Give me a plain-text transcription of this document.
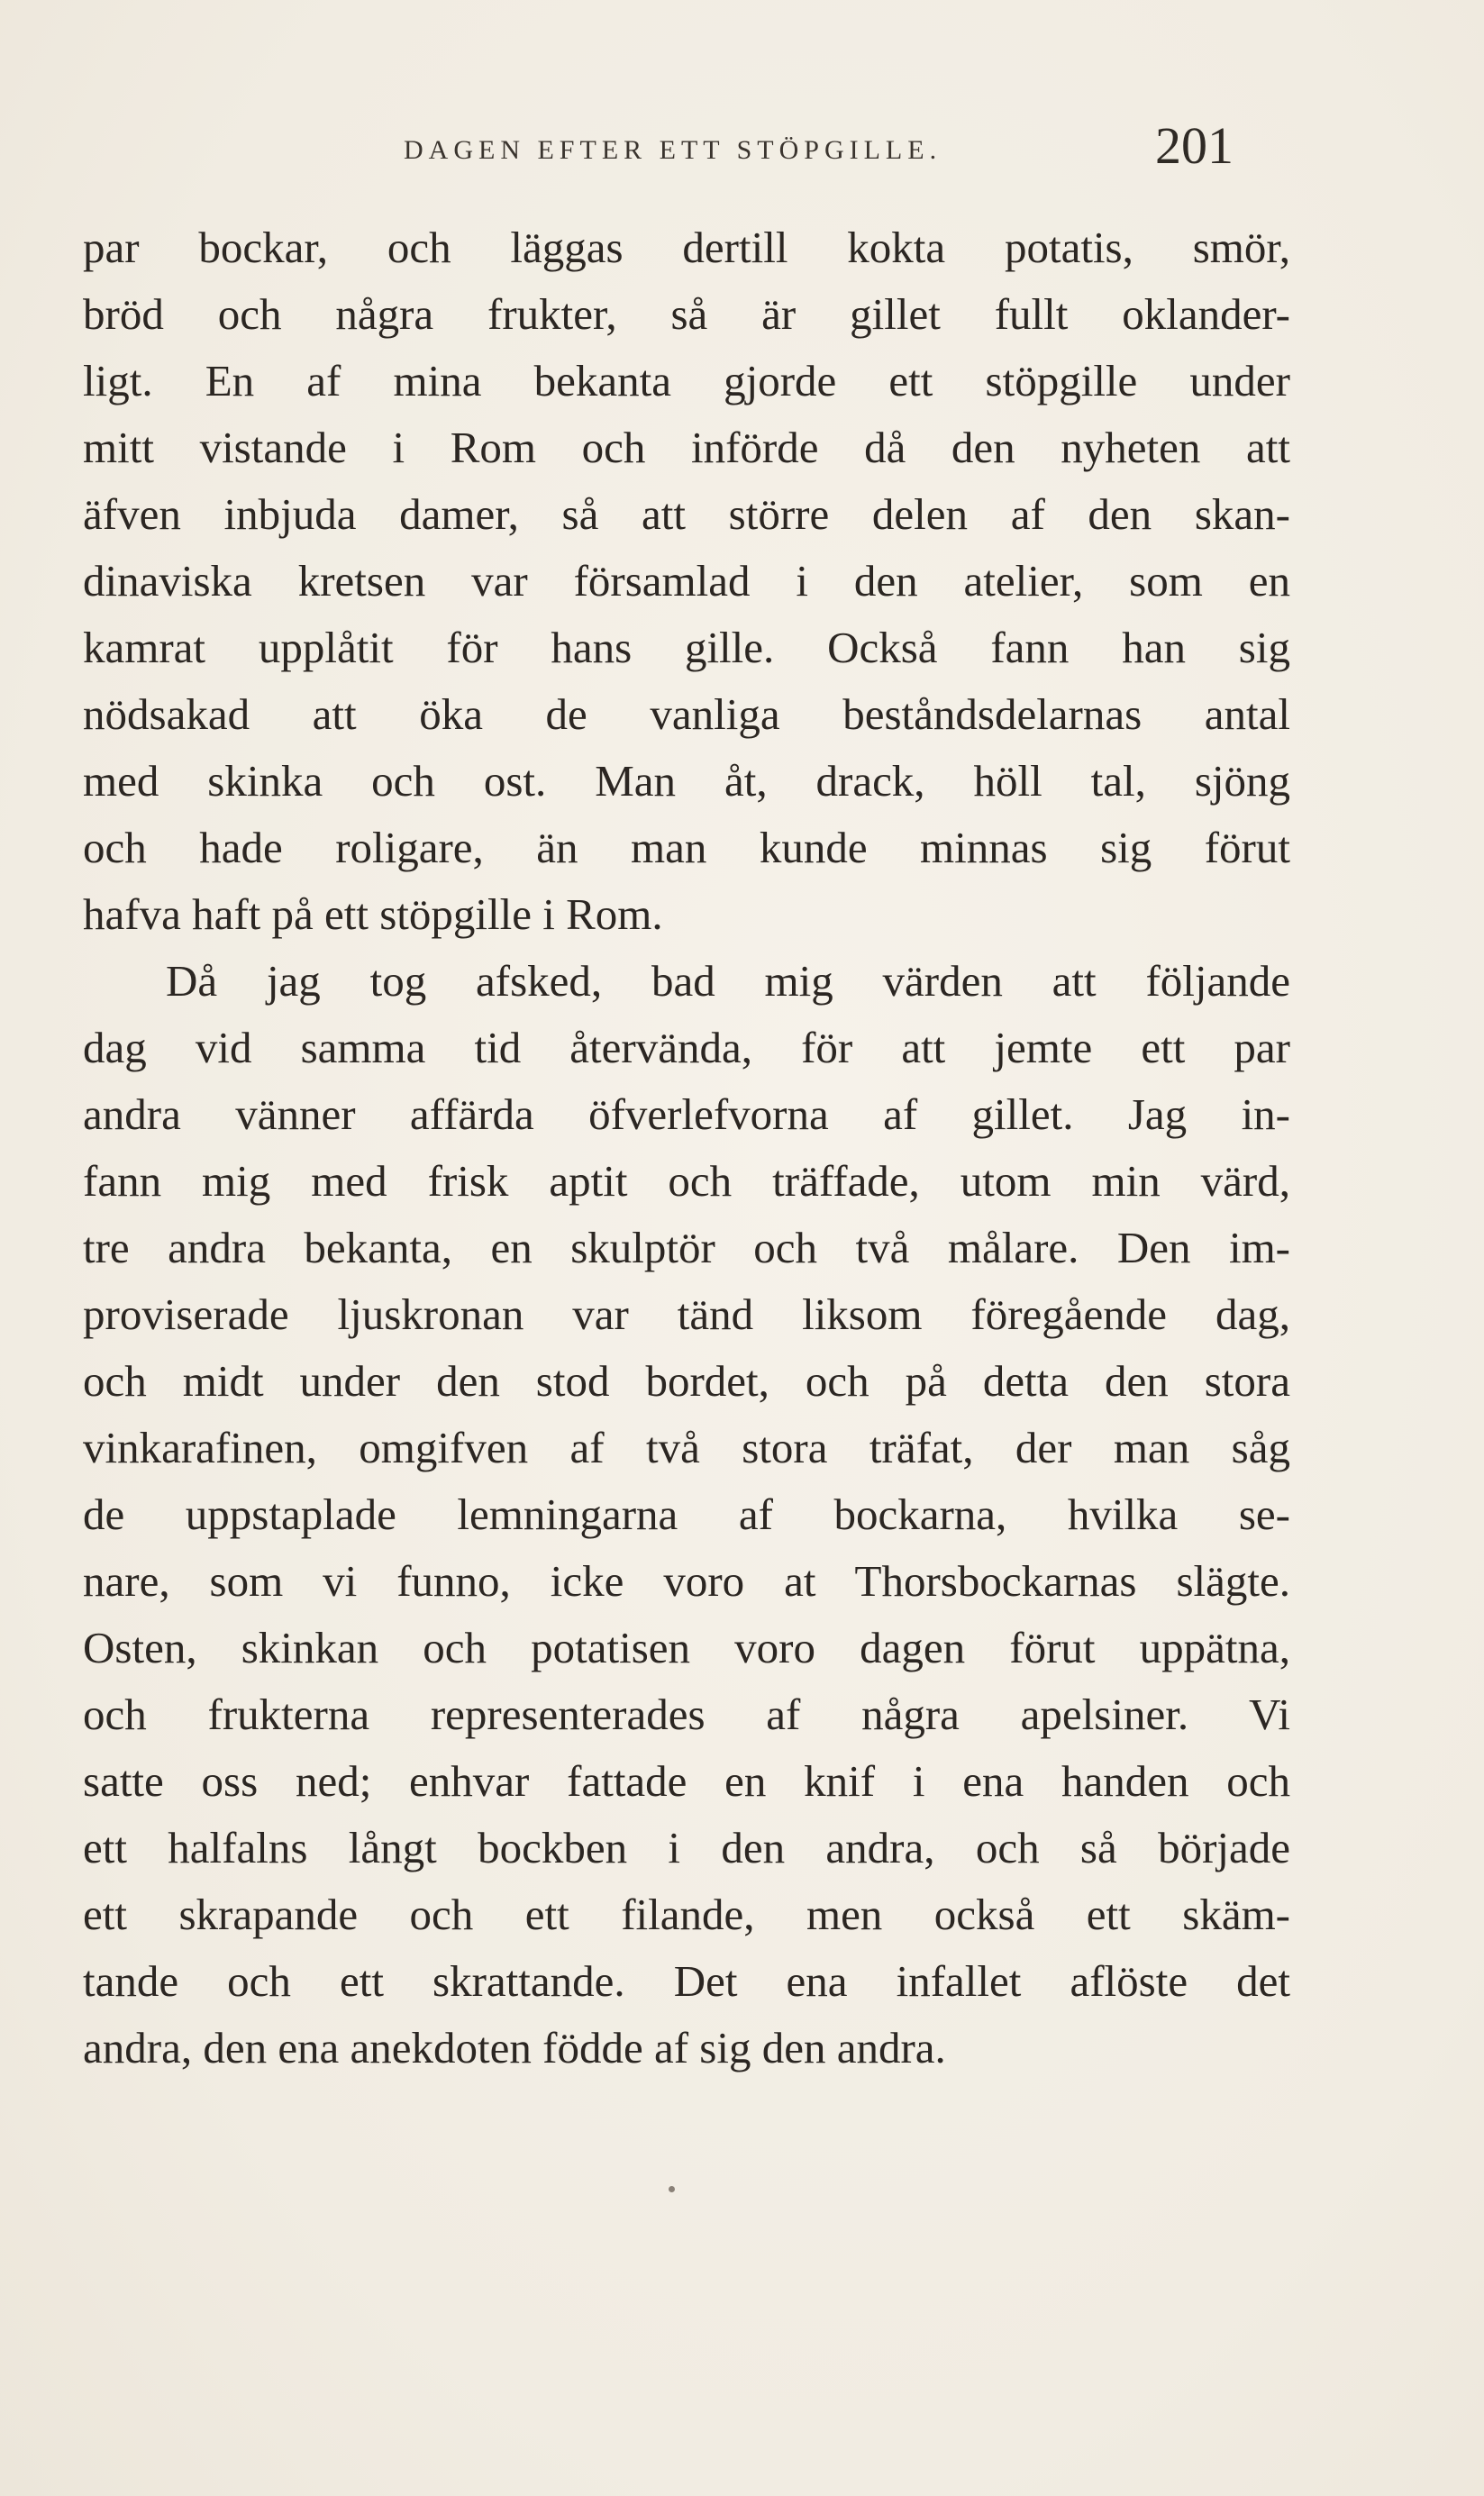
DAGEN EFTER ETT STÖPGILLE.	201
par bockar, och läggas dertill kokta potatis, smör,
bröd och några frukter, så är gillet fullt oklander-
ligt. En af mina bekanta gjorde ett stöpgille under
mitt vistande i Rom och införde då den nyheten att
äfven inbjuda damer, så att större delen af den skan-
dinaviska kretsen var församlad i den atelier, som en
kamrat upplåtit för hans gille. Också fann han sig
nödsakad att öka de vanliga beståndsdelarnas antal
med skinka och ost. Man åt, drack, höll tal, sjöng
och hade roligare, än man kunde minnas sig förut
hafva haft på ett stöpgille i Rom.
Då jag tog afsked, bad mig värden att följande
dag vid samma tid återvända, för att jemte ett par
andra vänner affärda öfverlefvorna af gillet. Jag in-
fann mig med frisk aptit och träffade, utom min värd,
tre andra bekanta, en skulptör och två målare. Den im-
proviserade ljuskronan var tänd liksom föregående dag,
och midt under den stod bordet, och på detta den stora
vinkarafinen, omgifven af två stora träfat, der man såg
de uppstaplade lemningarna af bockarna, hvilka se-
nare, som vi funno, icke voro at Thorsbockarnas slägte.
Osten, skinkan och potatisen voro dagen förut uppätna,
och frukterna representerades af några apelsiner. Vi
satte oss ned; enhvar fattade en knif i ena handen och
ett halfalns långt bockben i den andra, och så började
ett skrapande och ett filande, men också ett skäm-
tande och ett skrattande. Det ena infallet aflöste det
andra, den ena anekdoten födde af sig den andra.
